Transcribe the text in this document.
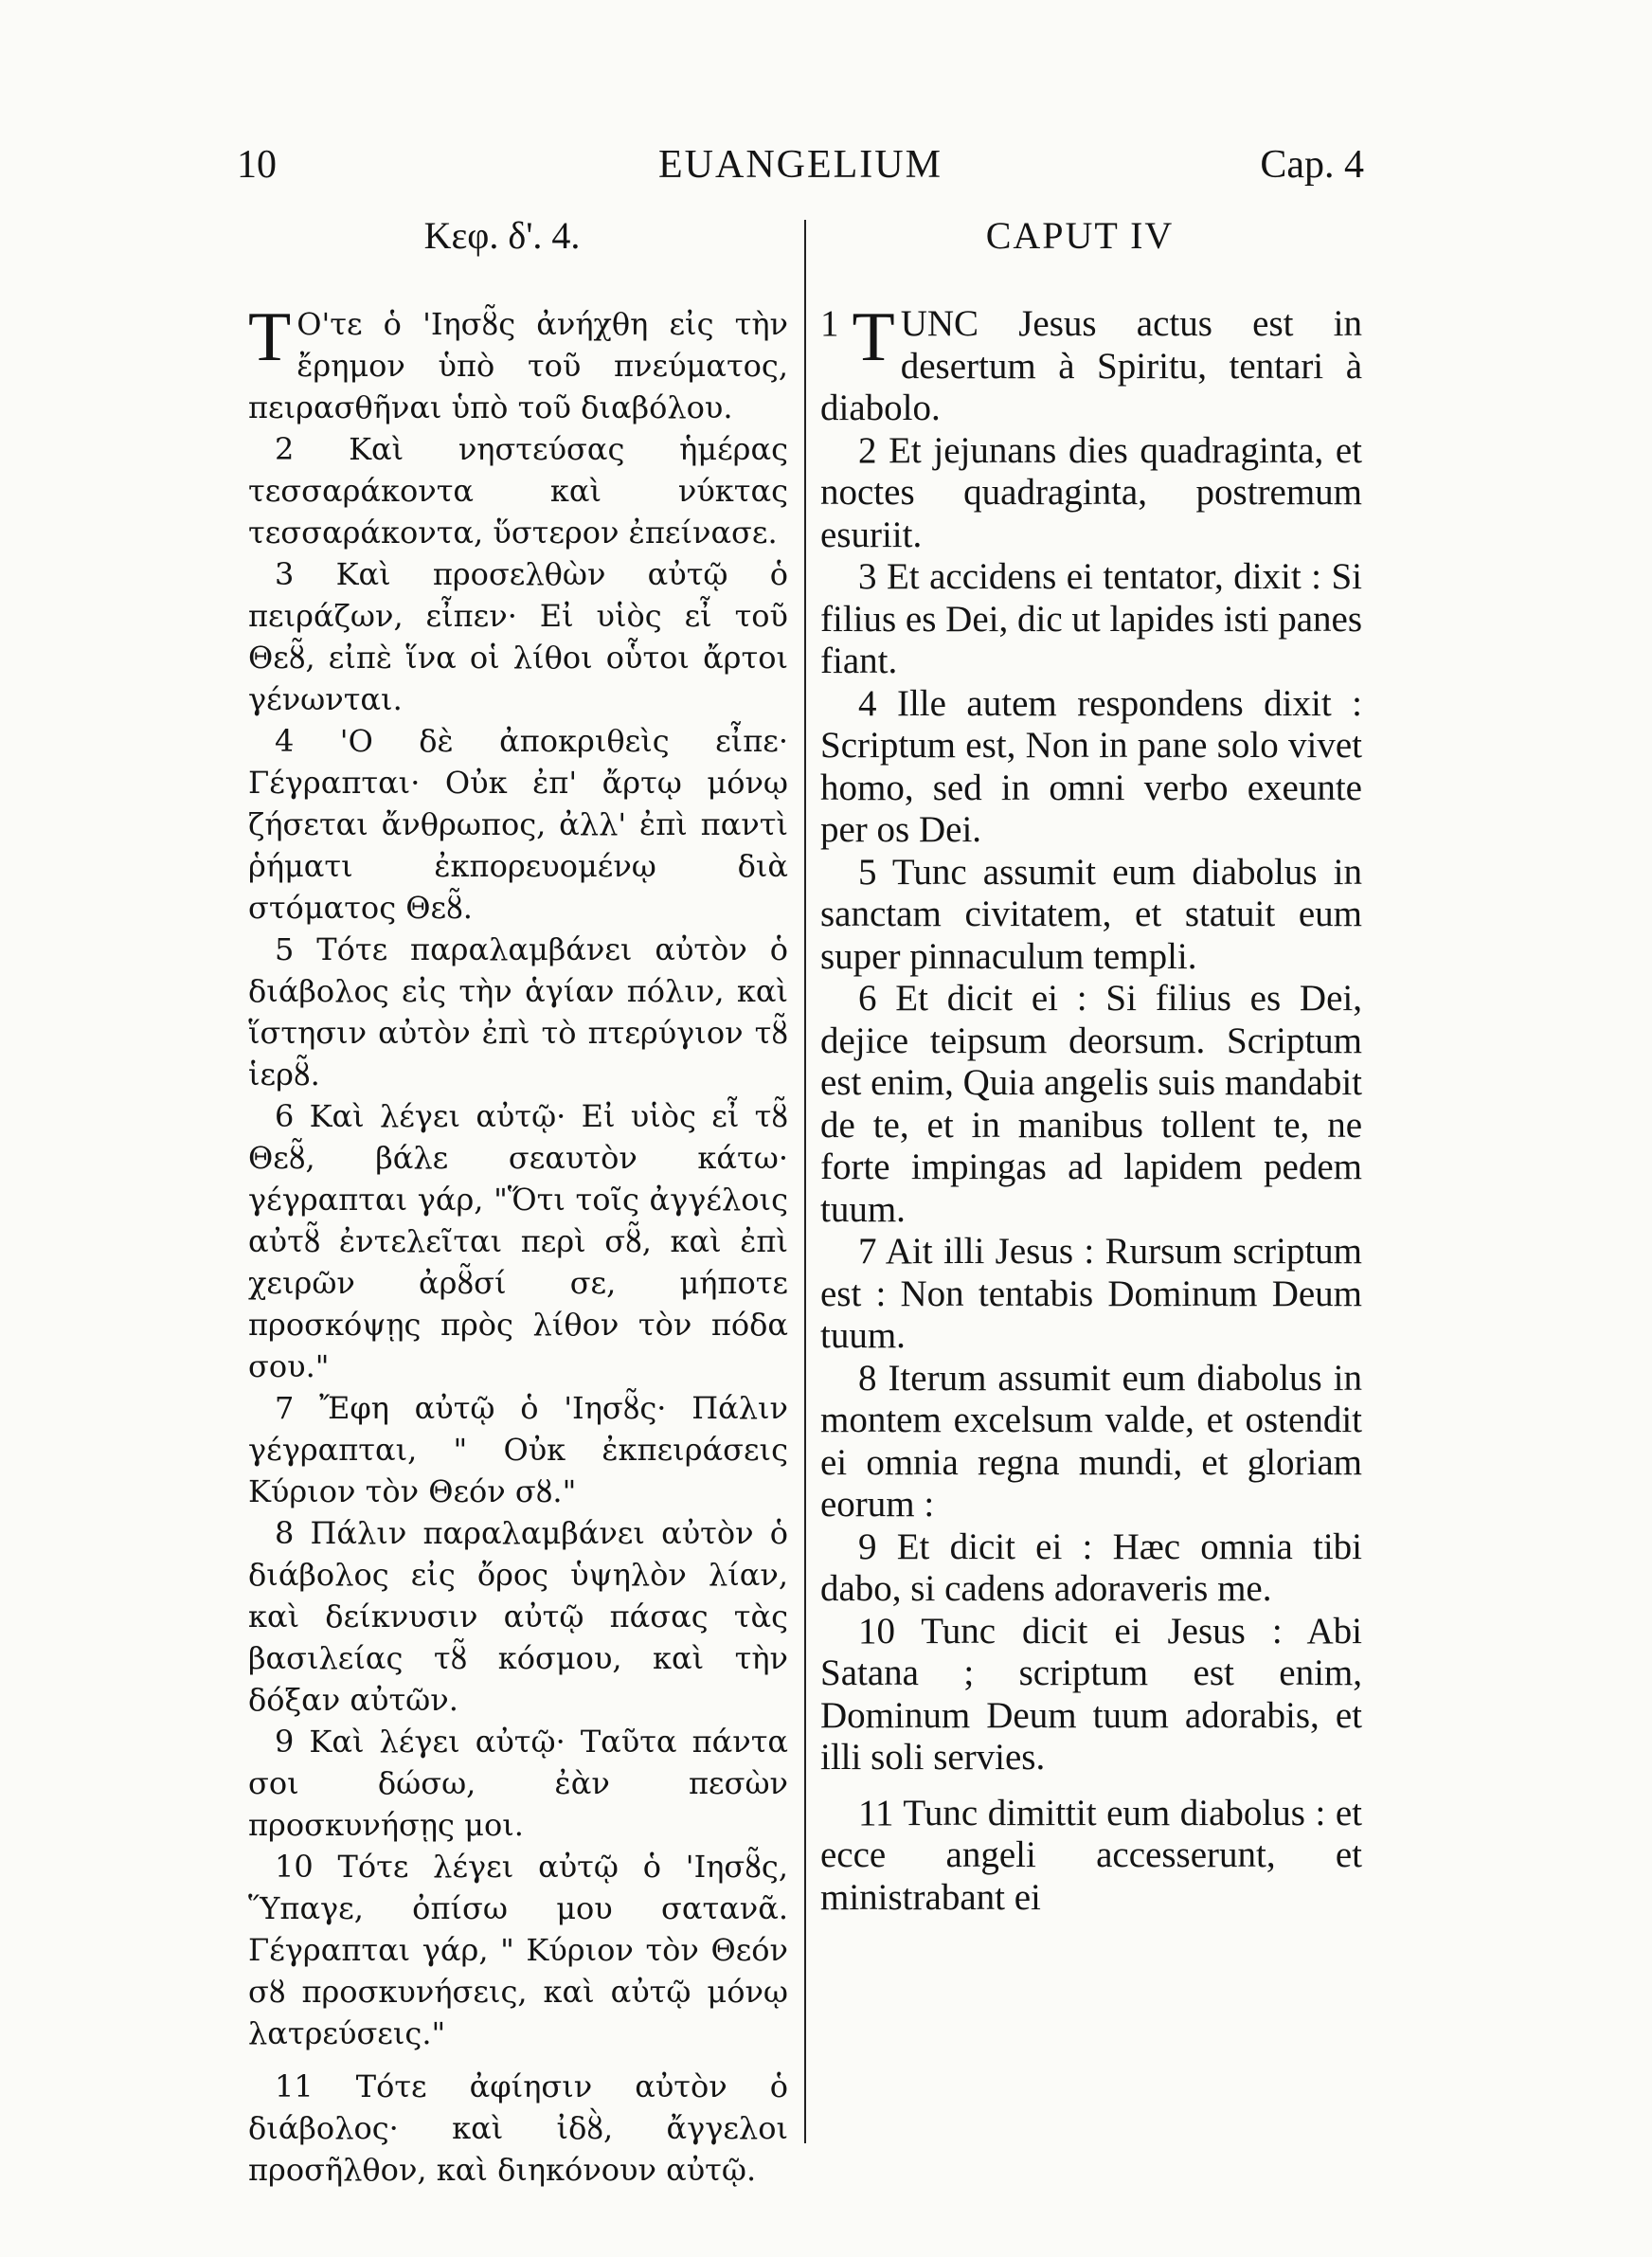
10	EUANGELIUM	Cap. 4
Κεφ. δ'. 4.	CAPUT IV

T Ο'τε ὁ 'Ιησȣ̃ς ἀνήχθη εἰς τὴν ἔρημον ὑπὸ τοῦ πνεύματος, πειρασθῆναι ὑπὸ τοῦ διαβόλου.

2 Καὶ νηστεύσας ἡμέρας τεσσαράκοντα καὶ νύκτας τεσσαράκοντα, ὕστερον ἐπείνασε.

3 Καὶ προσελθὼν αὐτῷ ὁ πειράζων, εἶπεν· Εἰ υἱὸς εἶ τοῦ Θεȣ̃, εἰπὲ ἵνα οἱ λίθοι οὗτοι ἄρτοι γένωνται.

4 'Ο δὲ ἀποκριθεὶς εἶπε· Γέγραπται· Οὐκ ἐπ' ἄρτῳ μόνῳ ζήσεται ἄνθρωπος, ἀλλ' ἐπὶ παντὶ ῥήματι ἐκπορευομένῳ διὰ στόματος Θεȣ̃.

5 Τότε παραλαμβάνει αὐτὸν ὁ διάβολος εἰς τὴν ἁγίαν πόλιν, καὶ ἵστησιν αὐτὸν ἐπὶ τὸ πτερύγιον τȣ̃ ἱερȣ̃.

6 Καὶ λέγει αὐτῷ· Εἰ υἱὸς εἶ τȣ̃ Θεȣ̃, βάλε σεαυτὸν κάτω· γέγραπται γάρ, "Ὅτι τοῖς ἀγγέλοις αὐτȣ̃ ἐντελεῖται περὶ σȣ̃, καὶ ἐπὶ χειρῶν ἀρȣ̃σί σε, μήποτε προσκόψῃς πρὸς λίθον τὸν πόδα σου."

7 Ἔφη αὐτῷ ὁ 'Ιησȣ̃ς· Πάλιν γέγραπται, " Οὐκ ἐκπειράσεις Κύριον τὸν Θεόν σȣ."

8 Πάλιν παραλαμβάνει αὐτὸν ὁ διάβολος εἰς ὄρος ὑψηλὸν λίαν, καὶ δείκνυσιν αὐτῷ πάσας τὰς βασιλείας τȣ̃ κόσμου, καὶ τὴν δόξαν αὐτῶν.

9 Καὶ λέγει αὐτῷ· Ταῦτα πάντα σοι δώσω, ἐὰν πεσὼν προσκυνήσῃς μοι.

10 Τότε λέγει αὐτῷ ὁ 'Ιησȣ̃ς, Ὕπαγε, ὀπίσω μου σατανᾶ. Γέγραπται γάρ, " Κύριον τὸν Θεόν σȣ προσκυνήσεις, καὶ αὐτῷ μόνῳ λατρεύσεις."

11 Τότε ἀφίησιν αὐτὸν ὁ διάβολος· καὶ ἰδȣ̀, ἄγγελοι προσῆλθον, καὶ διηκόνουν αὐτῷ.

1 T UNC Jesus actus est in desertum à Spiritu, tentari à diabolo.

2 Et jejunans dies quadraginta, et noctes quadraginta, postremum esuriit.

3 Et accidens ei tentator, dixit : Si filius es Dei, dic ut lapides isti panes fiant.

4 Ille autem respondens dixit : Scriptum est, Non in pane solo vivet homo, sed in omni verbo exeunte per os Dei.

5 Tunc assumit eum diabolus in sanctam civitatem, et statuit eum super pinnaculum templi.

6 Et dicit ei : Si filius es Dei, dejice teipsum deorsum. Scriptum est enim, Quia angelis suis mandabit de te, et in manibus tollent te, ne forte impingas ad lapidem pedem tuum.

7 Ait illi Jesus : Rursum scriptum est : Non tentabis Dominum Deum tuum.

8 Iterum assumit eum diabolus in montem excelsum valde, et ostendit ei omnia regna mundi, et gloriam eorum :

9 Et dicit ei : Hæc omnia tibi dabo, si cadens adoraveris me.

10 Tunc dicit ei Jesus : Abi Satana ; scriptum est enim, Dominum Deum tuum adorabis, et illi soli servies.

11 Tunc dimittit eum diabolus : et ecce angeli accesserunt, et ministrabant ei
